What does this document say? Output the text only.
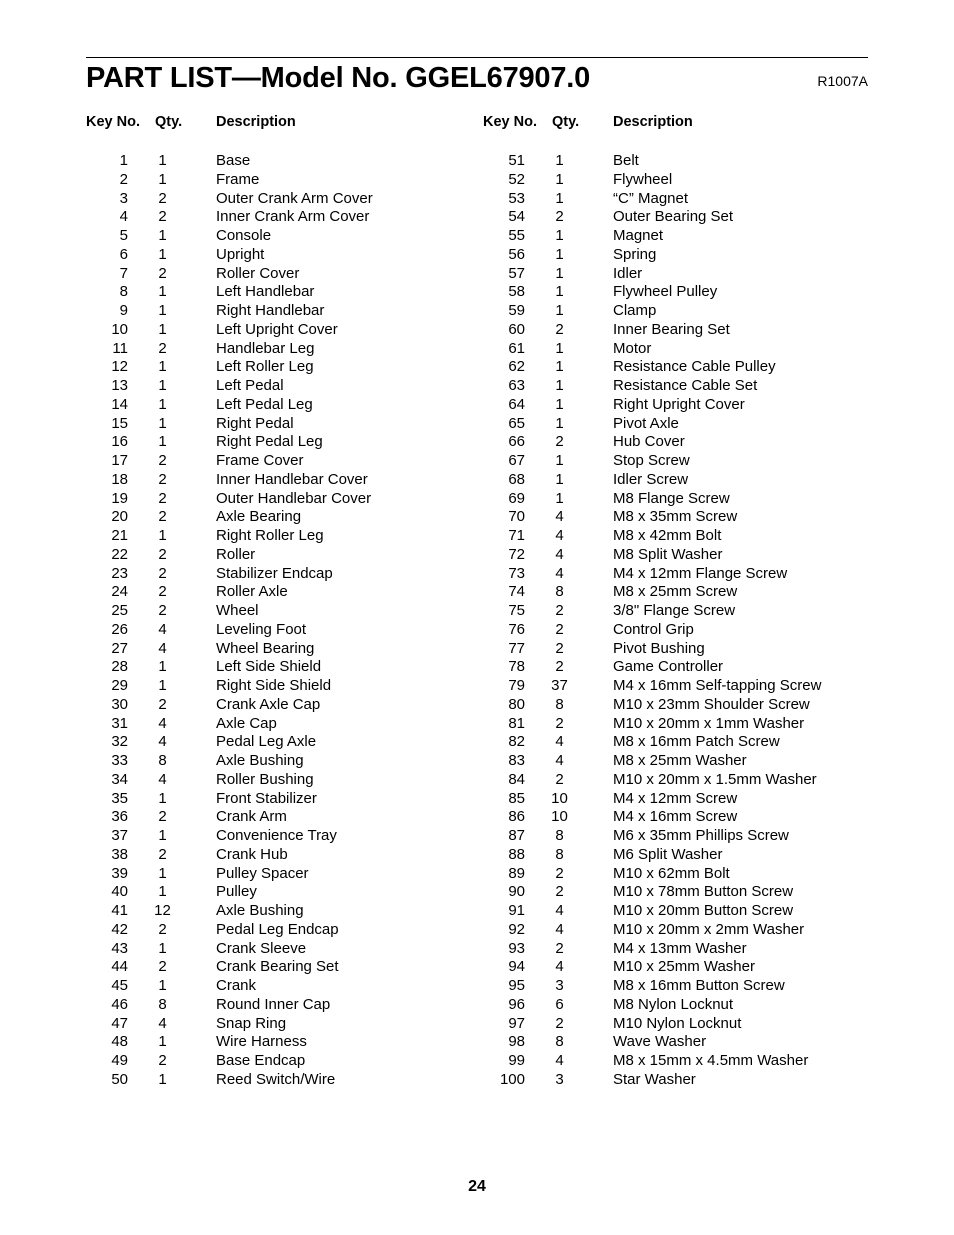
PART LIST—Model No. GGEL67907.0	R1007A
Key No. Qty. Description
1	1	Base
2	1	Frame
3	2	Outer Crank Arm Cover
4	2	Inner Crank Arm Cover
5	1	Console
6	1	Upright
7	2	Roller Cover
8	1	Left Handlebar
9	1	Right Handlebar
10	1	Left Upright Cover
11	2	Handlebar Leg
12	1	Left Roller Leg
13	1	Left Pedal
14	1	Left Pedal Leg
15	1	Right Pedal
16	1	Right Pedal Leg
17	2	Frame Cover
18	2	Inner Handlebar Cover
19	2	Outer Handlebar Cover
20	2	Axle Bearing
21	1	Right Roller Leg
22	2	Roller
23	2	Stabilizer Endcap
24	2	Roller Axle
25	2	Wheel
26	4	Leveling Foot
27	4	Wheel Bearing
28	1	Left Side Shield
29	1	Right Side Shield
30	2	Crank Axle Cap
31	4	Axle Cap
32	4	Pedal Leg Axle
33	8	Axle Bushing
34	4	Roller Bushing
35	1	Front Stabilizer
36	2	Crank Arm
37	1	Convenience Tray
38	2	Crank Hub
39	1	Pulley Spacer
40	1	Pulley
41	12	Axle Bushing
42	2	Pedal Leg Endcap
43	1	Crank Sleeve
44	2	Crank Bearing Set
45	1	Crank
46	8	Round Inner Cap
47	4	Snap Ring
48	1	Wire Harness
49	2	Base Endcap
50	1	Reed Switch/Wire
Key No. Qty. Description
51	1	Belt
52	1	Flywheel
53	1	“C” Magnet
54	2	Outer Bearing Set
55	1	Magnet
56	1	Spring
57	1	Idler
58	1	Flywheel Pulley
59	1	Clamp
60	2	Inner Bearing Set
61	1	Motor
62	1	Resistance Cable Pulley
63	1	Resistance Cable Set
64	1	Right Upright Cover
65	1	Pivot Axle
66	2	Hub Cover
67	1	Stop Screw
68	1	Idler Screw
69	1	M8 Flange Screw
70	4	M8 x 35mm Screw
71	4	M8 x 42mm Bolt
72	4	M8 Split Washer
73	4	M4 x 12mm Flange Screw
74	8	M8 x 25mm Screw
75	2	3/8" Flange Screw
76	2	Control Grip
77	2	Pivot Bushing
78	2	Game Controller
79	37	M4 x 16mm Self-tapping Screw
80	8	M10 x 23mm Shoulder Screw
81	2	M10 x 20mm x 1mm Washer
82	4	M8 x 16mm Patch Screw
83	4	M8 x 25mm Washer
84	2	M10 x 20mm x 1.5mm Washer
85	10	M4 x 12mm Screw
86	10	M4 x 16mm Screw
87	8	M6 x 35mm Phillips Screw
88	8	M6 Split Washer
89	2	M10 x 62mm Bolt
90	2	M10 x 78mm Button Screw
91	4	M10 x 20mm Button Screw
92	4	M10 x 20mm x 2mm Washer
93	2	M4 x 13mm Washer
94	4	M10 x 25mm Washer
95	3	M8 x 16mm Button Screw
96	6	M8 Nylon Locknut
97	2	M10 Nylon Locknut
98	8	Wave Washer
99	4	M8 x 15mm x 4.5mm Washer
100	3	Star Washer
24
